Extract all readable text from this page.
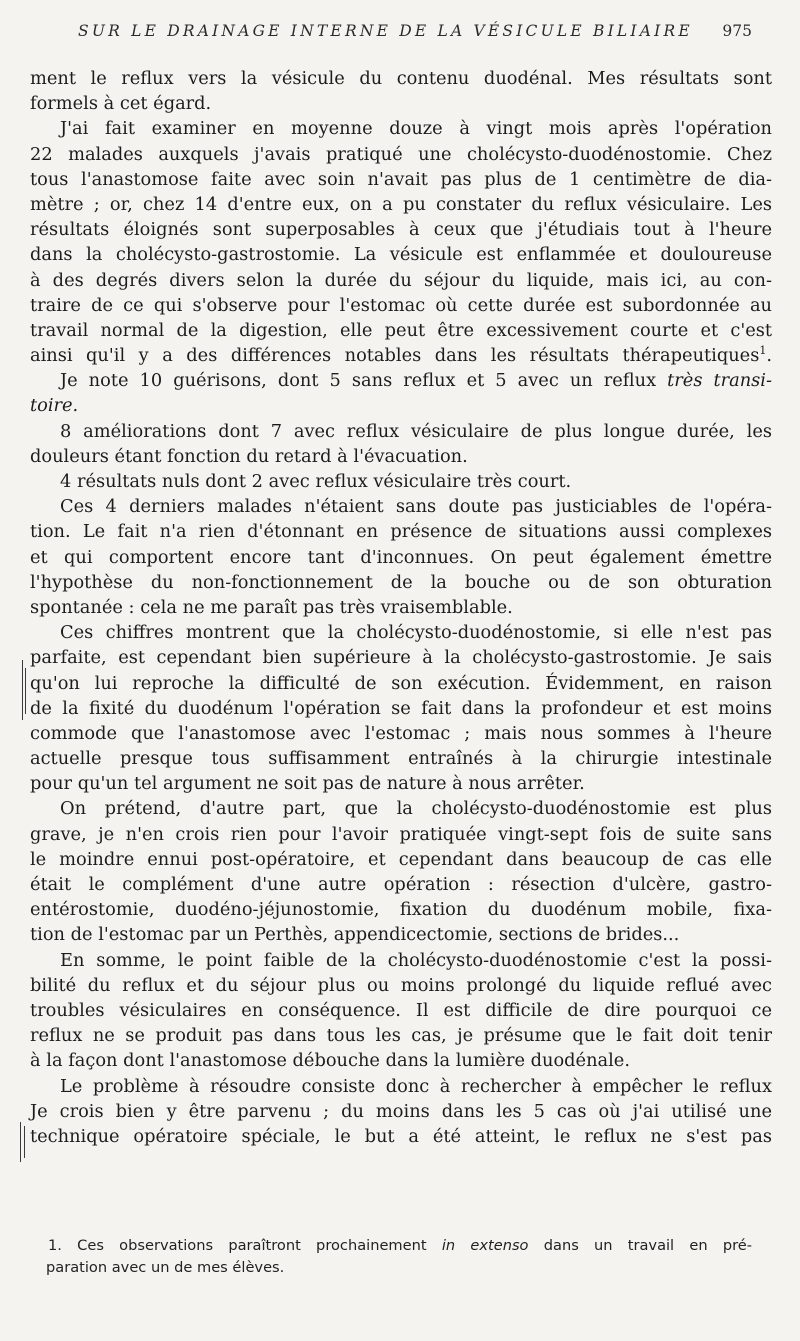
SUR LE DRAINAGE INTERNE DE LA VÉSICULE BILIAIRE 975
ment le reflux vers la vésicule du contenu duodénal. Mes résultats sont
formels à cet égard.
J'ai fait examiner en moyenne douze à vingt mois après l'opération
22 malades auxquels j'avais pratiqué une cholécysto-duodénostomie. Chez
tous l'anastomose faite avec soin n'avait pas plus de 1 centimètre de dia-
mètre ; or, chez 14 d'entre eux, on a pu constater du reflux vésiculaire. Les
résultats éloignés sont superposables à ceux que j'étudiais tout à l'heure
dans la cholécysto-gastrostomie. La vésicule est enflammée et douloureuse
à des degrés divers selon la durée du séjour du liquide, mais ici, au con-
traire de ce qui s'observe pour l'estomac où cette durée est subordonnée au
travail normal de la digestion, elle peut être excessivement courte et c'est
ainsi qu'il y a des différences notables dans les résultats thérapeutiques$^1$.
Je note 10 guérisons, dont 5 sans reflux et 5 avec un reflux très transi-
toire.
8 améliorations dont 7 avec reflux vésiculaire de plus longue durée, les
douleurs étant fonction du retard à l'évacuation.
4 résultats nuls dont 2 avec reflux vésiculaire très court.
Ces 4 derniers malades n'étaient sans doute pas justiciables de l'opéra-
tion. Le fait n'a rien d'étonnant en présence de situations aussi complexes
et qui comportent encore tant d'inconnues. On peut également émettre
l'hypothèse du non-fonctionnement de la bouche ou de son obturation
spontanée : cela ne me paraît pas très vraisemblable.
Ces chiffres montrent que la cholécysto-duodénostomie, si elle n'est pas
parfaite, est cependant bien supérieure à la cholécysto-gastrostomie. Je sais
qu'on lui reproche la difficulté de son exécution. Évidemment, en raison
de la fixité du duodénum l'opération se fait dans la profondeur et est moins
commode que l'anastomose avec l'estomac ; mais nous sommes à l'heure
actuelle presque tous suffisamment entraînés à la chirurgie intestinale
pour qu'un tel argument ne soit pas de nature à nous arrêter.
On prétend, d'autre part, que la cholécysto-duodénostomie est plus
grave, je n'en crois rien pour l'avoir pratiquée vingt-sept fois de suite sans
le moindre ennui post-opératoire, et cependant dans beaucoup de cas elle
était le complément d'une autre opération : résection d'ulcère, gastro-
entérostomie, duodéno-jéjunostomie, fixation du duodénum mobile, fixa-
tion de l'estomac par un Perthès, appendicectomie, sections de brides...
En somme, le point faible de la cholécysto-duodénostomie c'est la possi-
bilité du reflux et du séjour plus ou moins prolongé du liquide reflué avec
troubles vésiculaires en conséquence. Il est difficile de dire pourquoi ce
reflux ne se produit pas dans tous les cas, je présume que le fait doit tenir
à la façon dont l'anastomose débouche dans la lumière duodénale.
Le problème à résoudre consiste donc à rechercher à empêcher le reflux
Je crois bien y être parvenu ; du moins dans les 5 cas où j'ai utilisé une
technique opératoire spéciale, le but a été atteint, le reflux ne s'est pas
1. Ces observations paraîtront prochainement in extenso dans un travail en pré-
paration avec un de mes élèves.
